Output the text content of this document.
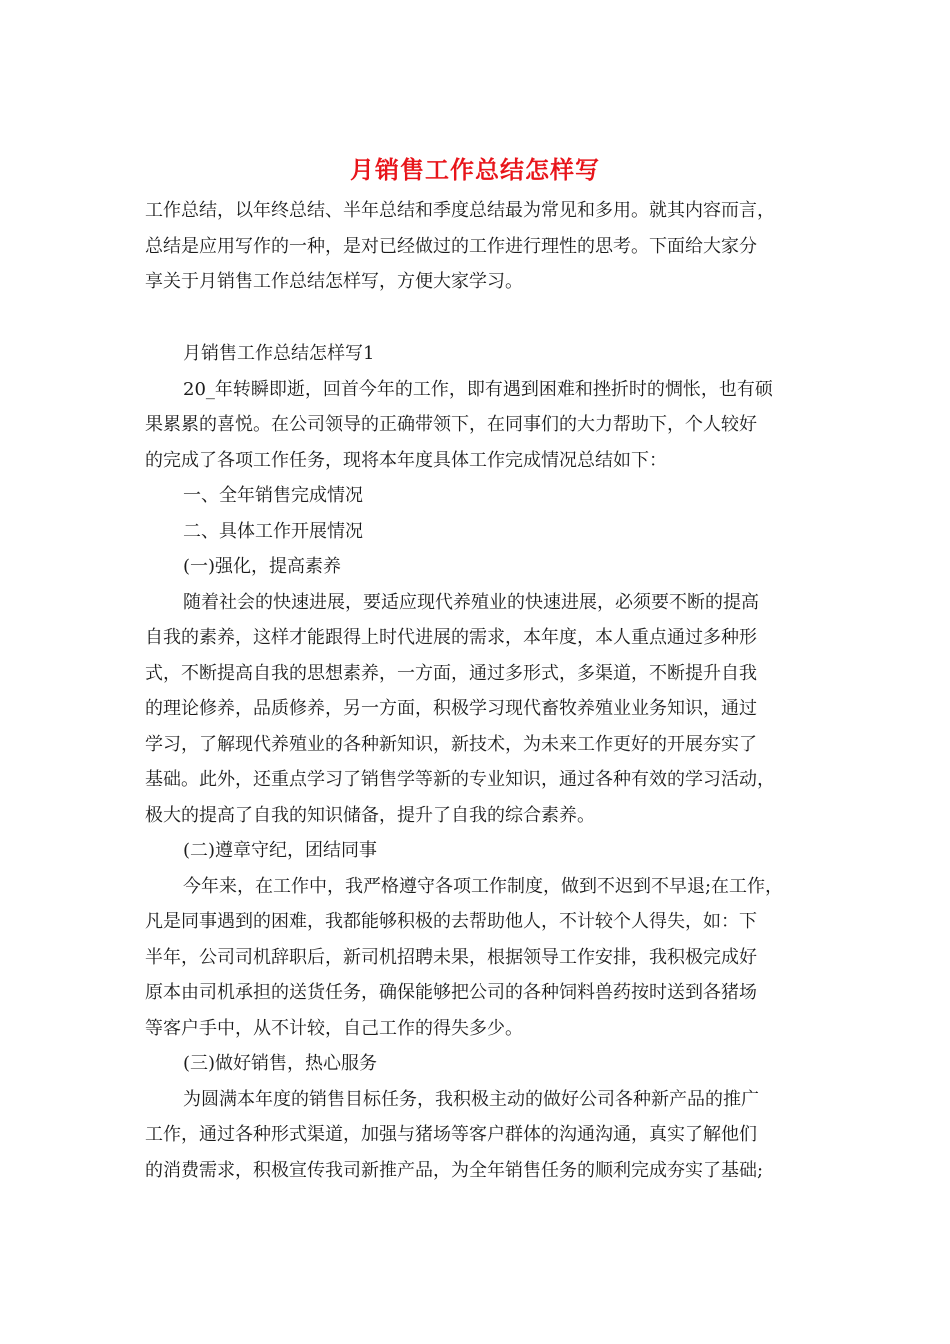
月销售工作总结怎样写
工作总结，以年终总结、半年总结和季度总结最为常见和多用。就其内容而言，
总结是应用写作的一种，是对已经做过的工作进行理性的思考。下面给大家分
享关于月销售工作总结怎样写，方便大家学习。
月销售工作总结怎样写1
20_年转瞬即逝，回首今年的工作，即有遇到困难和挫折时的惆怅，也有硕
果累累的喜悦。在公司领导的正确带领下，在同事们的大力帮助下，个人较好
的完成了各项工作任务，现将本年度具体工作完成情况总结如下：
一、全年销售完成情况
二、具体工作开展情况
(一)强化，提高素养
随着社会的快速进展，要适应现代养殖业的快速进展，必须要不断的提高
自我的素养，这样才能跟得上时代进展的需求，本年度，本人重点通过多种形
式，不断提高自我的思想素养，一方面，通过多形式，多渠道，不断提升自我
的理论修养，品质修养，另一方面，积极学习现代畜牧养殖业业务知识，通过
学习，了解现代养殖业的各种新知识，新技术，为未来工作更好的开展夯实了
基础。此外，还重点学习了销售学等新的专业知识，通过各种有效的学习活动，
极大的提高了自我的知识储备，提升了自我的综合素养。
(二)遵章守纪，团结同事
今年来，在工作中，我严格遵守各项工作制度，做到不迟到不早退;在工作，
凡是同事遇到的困难，我都能够积极的去帮助他人，不计较个人得失，如：下
半年，公司司机辞职后，新司机招聘未果，根据领导工作安排，我积极完成好
原本由司机承担的送货任务，确保能够把公司的各种饲料兽药按时送到各猪场
等客户手中，从不计较，自己工作的得失多少。
(三)做好销售，热心服务
为圆满本年度的销售目标任务，我积极主动的做好公司各种新产品的推广
工作，通过各种形式渠道，加强与猪场等客户群体的沟通沟通，真实了解他们
的消费需求，积极宣传我司新推产品，为全年销售任务的顺利完成夯实了基础;
